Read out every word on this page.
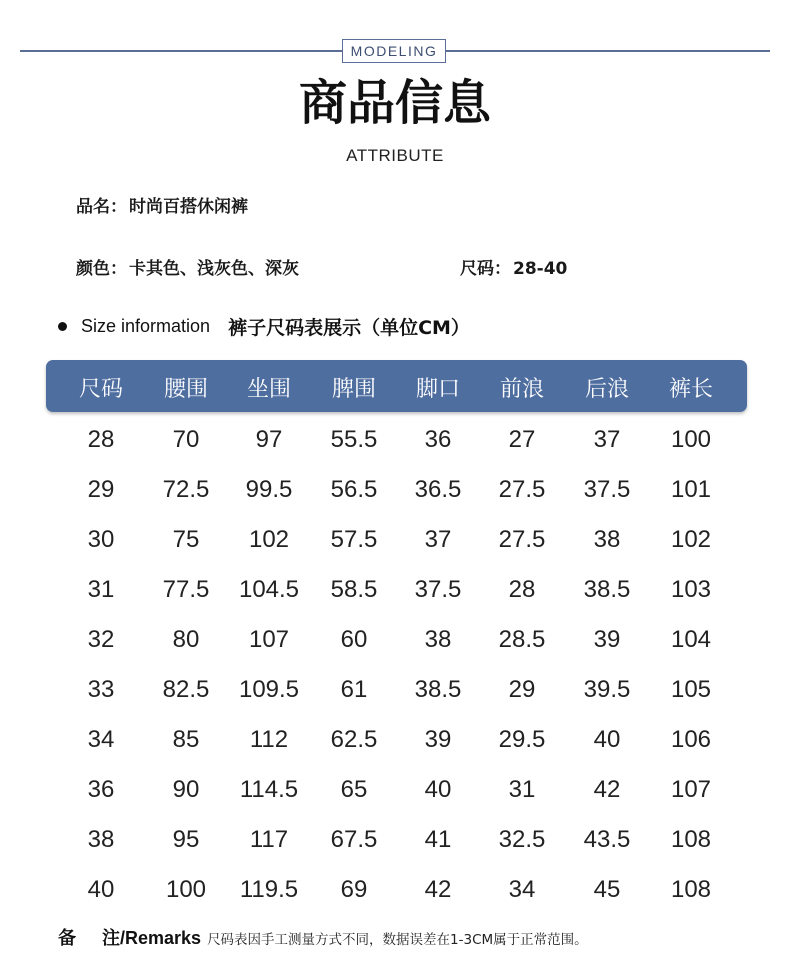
MODELING
商品信息
ATTRIBUTE
品名： 时尚百搭休闲裤
颜色： 卡其色、浅灰色、深灰	尺码： 28-40
Size information 裤子尺码表展示（单位CM）
尺码	腰围	坐围	脾围	脚口	前浪	后浪	裤长
28	70	97	55.5	36	27	37	100
29	72.5	99.5	56.5	36.5	27.5	37.5	101
30	75	102	57.5	37	27.5	38	102
31	77.5	104.5	58.5	37.5	28	38.5	103
32	80	107	60	38	28.5	39	104
33	82.5	109.5	61	38.5	29	39.5	105
34	85	112	62.5	39	29.5	40	106
36	90	114.5	65	40	31	42	107
38	95	117	67.5	41	32.5	43.5	108
40	100	119.5	69	42	34	45	108
备 注/Remarks 尺码表因手工测量方式不同，数据误差在1-3CM属于正常范围。
